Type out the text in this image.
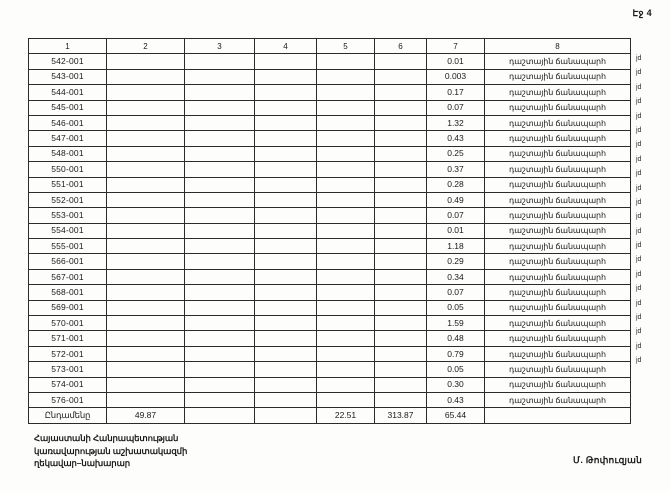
Էջ 4
1	2	3	4	5	6	7	8
542-001						0.01	դաշտային ճանապարհ
543-001						0.003	դաշտային ճանապարհ
544-001						0.17	դաշտային ճանապարհ
545-001						0.07	դաշտային ճանապարհ
546-001						1.32	դաշտային ճանապարհ
547-001						0.43	դաշտային ճանապարհ
548-001						0.25	դաշտային ճանապարհ
550-001						0.37	դաշտային ճանապարհ
551-001						0.28	դաշտային ճանապարհ
552-001						0.49	դաշտային ճանապարհ
553-001						0.07	դաշտային ճանապարհ
554-001						0.01	դաշտային ճանապարհ
555-001						1.18	դաշտային ճանապարհ
566-001						0.29	դաշտային ճանապարհ
567-001						0.34	դաշտային ճանապարհ
568-001						0.07	դաշտային ճանապարհ
569-001						0.05	դաշտային ճանապարհ
570-001						1.59	դաշտային ճանապարհ
571-001						0.48	դաշտային ճանապարհ
572-001						0.79	դաշտային ճանապարհ
573-001						0.05	դաշտային ճանապարհ
574-001						0.30	դաշտային ճանապարհ
576-001						0.43	դաշտային ճանապարհ
Ընդամենը	49.87			22.51	313.87	65.44	
jd
jd
jd
jd
jd
jd
jd
jd
jd
jd
jd
jd
jd
jd
jd
jd
jd
jd
jd
jd
jd
jd
Հայաստանի Հանրապետության
կառավարության աշխատակազմի
ղեկավար–նախարար	Մ. Թոփուզյան
